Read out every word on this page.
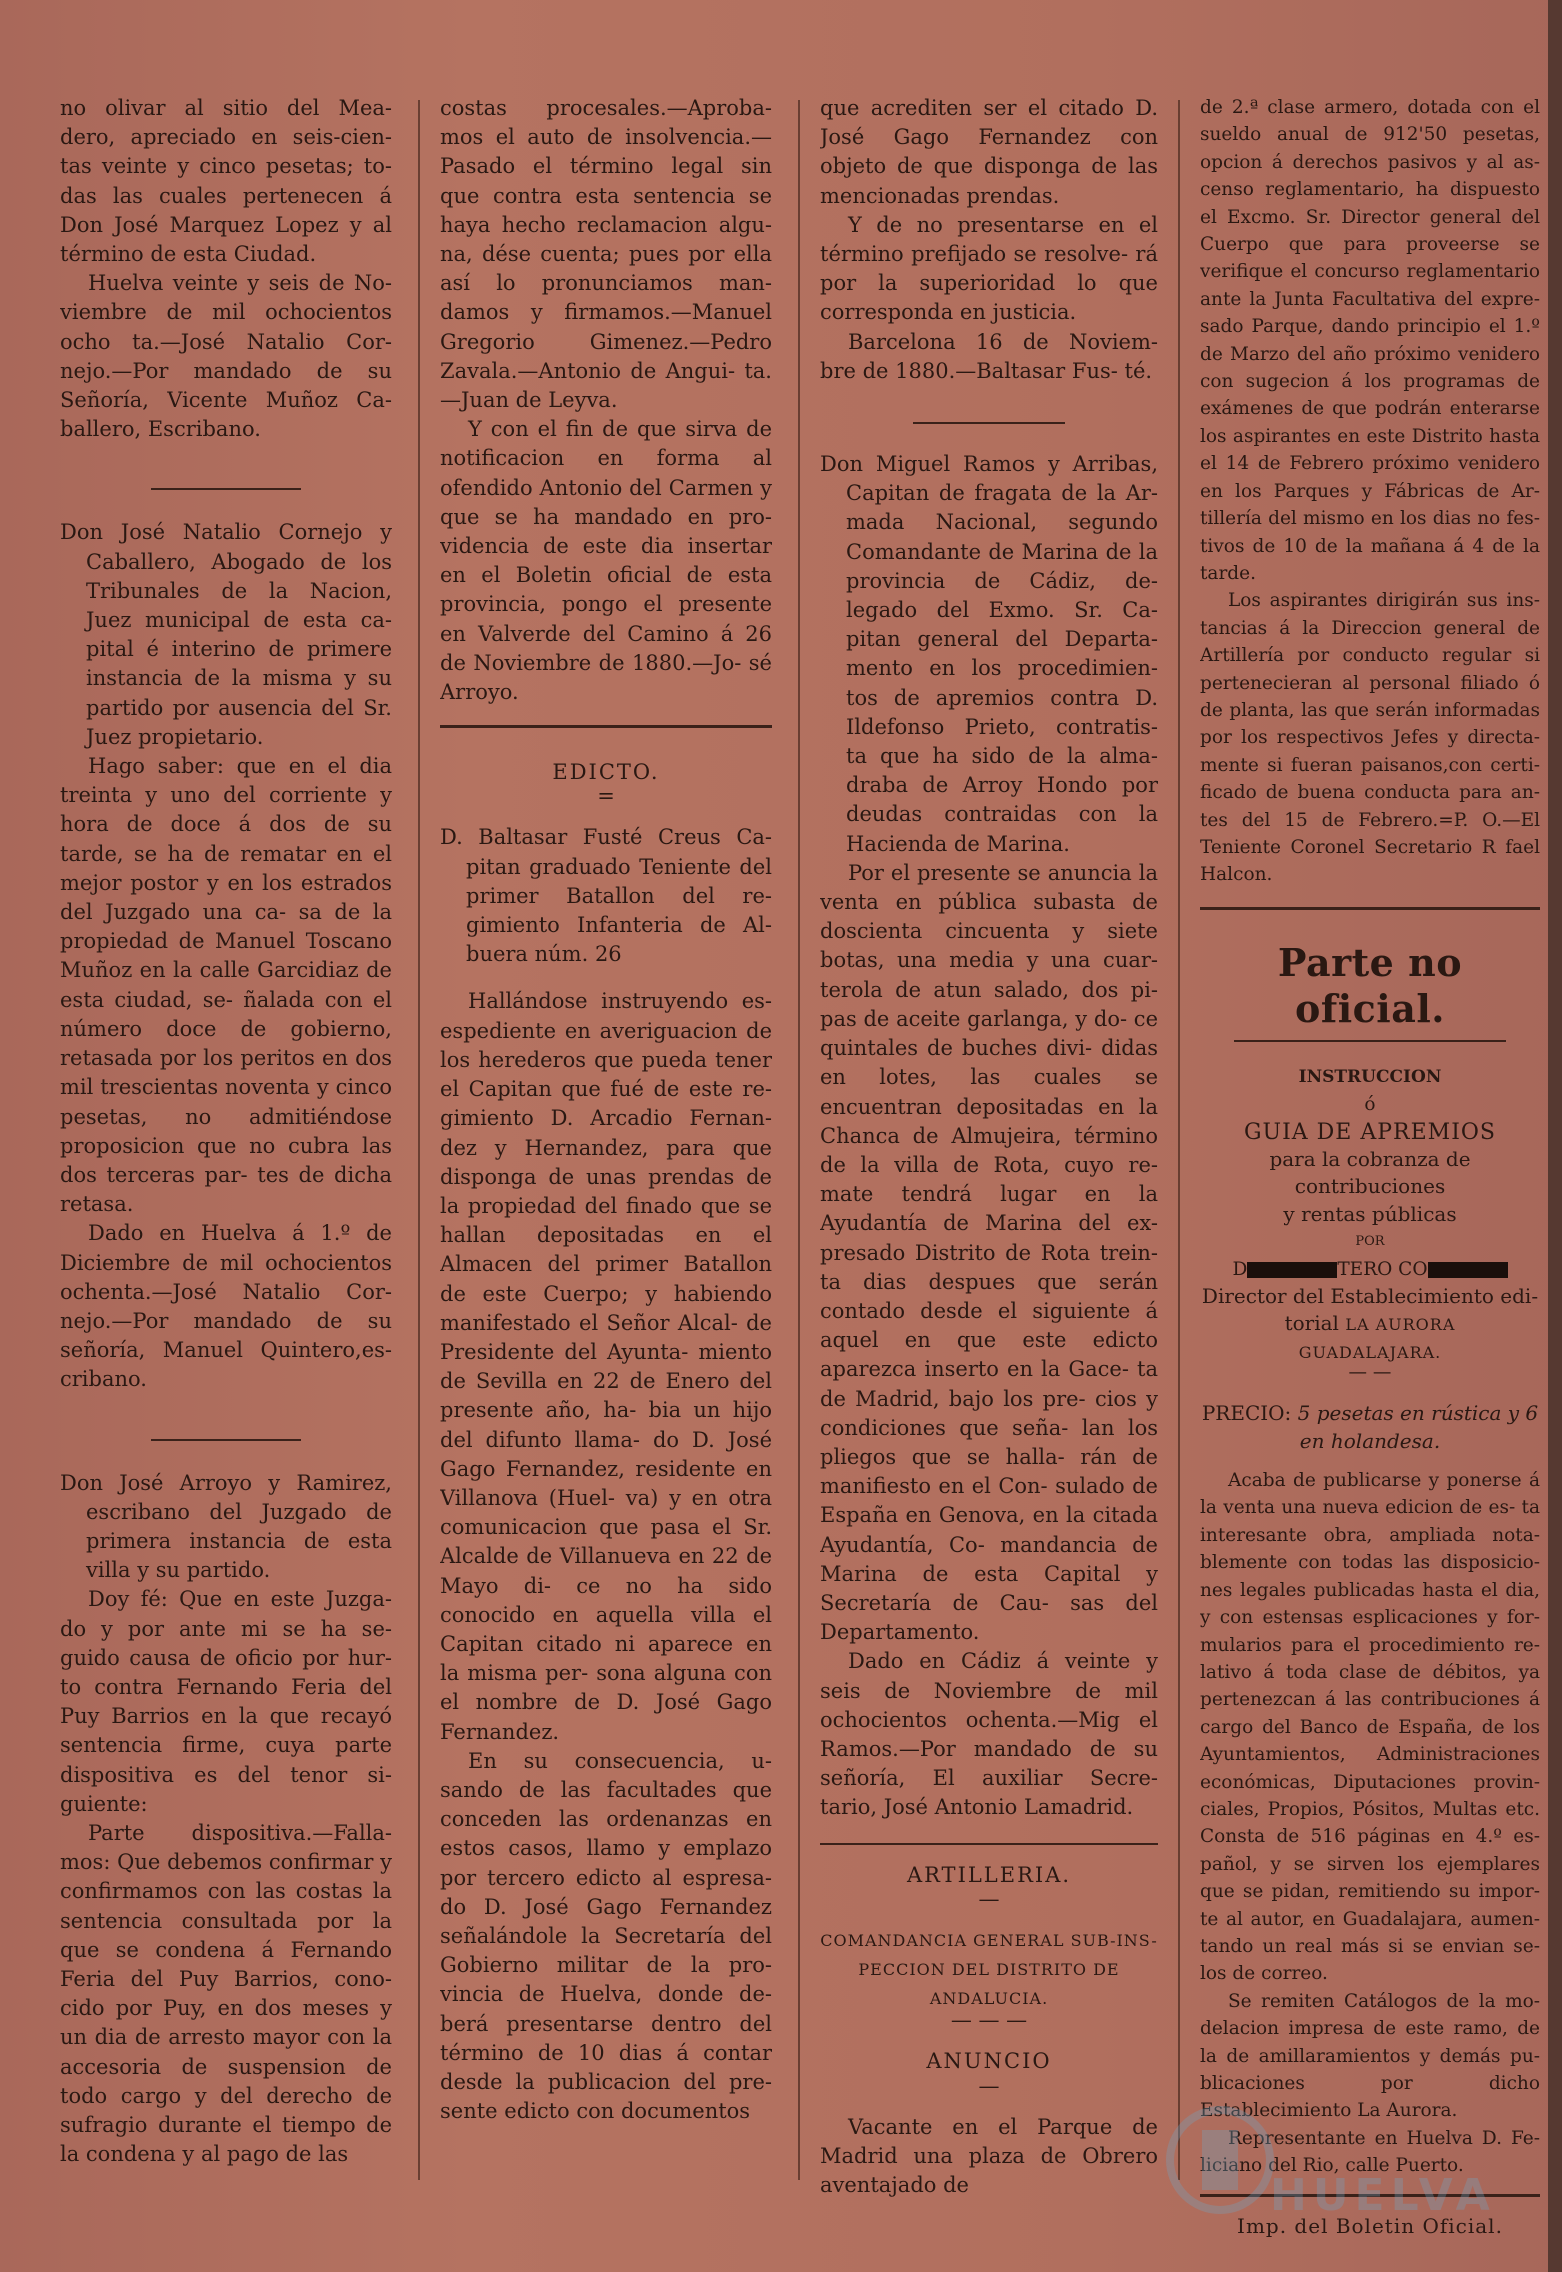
no olivar al sitio del Mea- dero, apreciado en seis-cien- tas veinte y cinco pesetas; to- das las cuales pertenecen á Don José Marquez Lopez y al término de esta Ciudad.

Huelva veinte y seis de No- viembre de mil ochocientos ocho ta.—José Natalio Cor- nejo.—Por mandado de su Señoría, Vicente Muñoz Ca- ballero, Escribano.

Don José Natalio Cornejo y Caballero, Abogado de los Tribunales de la Nacion, Juez municipal de esta ca- pital é interino de primere instancia de la misma y su partido por ausencia del Sr. Juez propietario.

Hago saber: que en el dia treinta y uno del corriente y hora de doce á dos de su tarde, se ha de rematar en el mejor postor y en los estrados del Juzgado una ca- sa de la propiedad de Manuel Toscano Muñoz en la calle Garcidiaz de esta ciudad, se- ñalada con el número doce de gobierno, retasada por los peritos en dos mil trescientas noventa y cinco pesetas, no admitiéndose proposicion que no cubra las dos terceras par- tes de dicha retasa.

Dado en Huelva á 1.º de Diciembre de mil ochocientos ochenta.—José Natalio Cor- nejo.—Por mandado de su señoría, Manuel Quintero,es- cribano.

Don José Arroyo y Ramirez, escribano del Juzgado de primera instancia de esta villa y su partido.

Doy fé: Que en este Juzga- do y por ante mi se ha se- guido causa de oficio por hur- to contra Fernando Feria del Puy Barrios en la que recayó sentencia firme, cuya parte dispositiva es del tenor si- guiente:

Parte dispositiva.—Falla- mos: Que debemos confirmar y confirmamos con las costas la sentencia consultada por la que se condena á Fernando Feria del Puy Barrios, cono- cido por Puy, en dos meses y un dia de arresto mayor con la accesoria de suspension de todo cargo y del derecho de sufragio durante el tiempo de la condena y al pago de las

costas procesales.—Aproba- mos el auto de insolvencia.— Pasado el término legal sin que contra esta sentencia se haya hecho reclamacion algu- na, dése cuenta; pues por ella así lo pronunciamos man- damos y firmamos.—Manuel Gregorio Gimenez.—Pedro Zavala.—Antonio de Angui- ta.—Juan de Leyva.

Y con el fin de que sirva de notificacion en forma al ofendido Antonio del Carmen y que se ha mandado en pro- videncia de este dia insertar en el Boletin oficial de esta provincia, pongo el presente en Valverde del Camino á 26 de Noviembre de 1880.—Jo- sé Arroyo.

EDICTO.
=

D. Baltasar Fusté Creus Ca- pitan graduado Teniente del primer Batallon del re- gimiento Infanteria de Al- buera núm. 26

Hallándose instruyendo es- espediente en averiguacion de los herederos que pueda tener el Capitan que fué de este re- gimiento D. Arcadio Fernan- dez y Hernandez, para que disponga de unas prendas de la propiedad del finado que se hallan depositadas en el Almacen del primer Batallon de este Cuerpo; y habiendo manifestado el Señor Alcal- de Presidente del Ayunta- miento de Sevilla en 22 de Enero del presente año, ha- bia un hijo del difunto llama- do D. José Gago Fernandez, residente en Villanova (Huel- va) y en otra comunicacion que pasa el Sr. Alcalde de Villanueva en 22 de Mayo di- ce no ha sido conocido en aquella villa el Capitan citado ni aparece en la misma per- sona alguna con el nombre de D. José Gago Fernandez.

En su consecuencia, u- sando de las facultades que conceden las ordenanzas en estos casos, llamo y emplazo por tercero edicto al espresa- do D. José Gago Fernandez señalándole la Secretaría del Gobierno militar de la pro- vincia de Huelva, donde de- berá presentarse dentro del término de 10 dias á contar desde la publicacion del pre- sente edicto con documentos

que acrediten ser el citado D. José Gago Fernandez con objeto de que disponga de las mencionadas prendas.

Y de no presentarse en el término prefijado se resolve- rá por la superioridad lo que corresponda en justicia.

Barcelona 16 de Noviem- bre de 1880.—Baltasar Fus- té.

Don Miguel Ramos y Arribas, Capitan de fragata de la Ar- mada Nacional, segundo Comandante de Marina de la provincia de Cádiz, de- legado del Exmo. Sr. Ca- pitan general del Departa- mento en los procedimien- tos de apremios contra D. Ildefonso Prieto, contratis- ta que ha sido de la alma- draba de Arroy Hondo por deudas contraidas con la Hacienda de Marina.

Por el presente se anuncia la venta en pública subasta de doscienta cincuenta y siete botas, una media y una cuar- terola de atun salado, dos pi- pas de aceite garlanga, y do- ce quintales de buches divi- didas en lotes, las cuales se encuentran depositadas en la Chanca de Almujeira, término de la villa de Rota, cuyo re- mate tendrá lugar en la Ayudantía de Marina del ex- presado Distrito de Rota trein- ta dias despues que serán contado desde el siguiente á aquel en que este edicto aparezca inserto en la Gace- ta de Madrid, bajo los pre- cios y condiciones que seña- lan los pliegos que se halla- rán de manifiesto en el Con- sulado de España en Genova, en la citada Ayudantía, Co- mandancia de Marina de esta Capital y Secretaría de Cau- sas del Departamento.

Dado en Cádiz á veinte y seis de Noviembre de mil ochocientos ochenta.—Mig el Ramos.—Por mandado de su señoría, El auxiliar Secre- tario, José Antonio Lamadrid.

ARTILLERIA.
—
COMANDANCIA GENERAL SUB-INS- PECCION DEL DISTRITO DE ANDALUCIA.
— — —
ANUNCIO
—

Vacante en el Parque de Madrid una plaza de Obrero aventajado de

de 2.ª clase armero, dotada con el sueldo anual de 912'50 pesetas, opcion á derechos pasivos y al as- censo reglamentario, ha dispuesto el Excmo. Sr. Director general del Cuerpo que para proveerse se verifique el concurso reglamentario ante la Junta Facultativa del expre- sado Parque, dando principio el 1.º de Marzo del año próximo venidero con sugecion á los programas de exámenes de que podrán enterarse los aspirantes en este Distrito hasta el 14 de Febrero próximo venidero en los Parques y Fábricas de Ar- tillería del mismo en los dias no fes- tivos de 10 de la mañana á 4 de la tarde.

Los aspirantes dirigirán sus ins- tancias á la Direccion general de Artillería por conducto regular si pertenecieran al personal filiado ó de planta, las que serán informadas por los respectivos Jefes y directa- mente si fueran paisanos,con certi- ficado de buena conducta para an- tes del 15 de Febrero.=P. O.—El Teniente Coronel Secretario R fael Halcon.

Parte no oficial.
INSTRUCCION
ó
GUIA DE APREMIOS
para la cobranza de contribuciones
y rentas públicas
POR
D	TERO CO
Director del Establecimiento edi- torial LA AURORA
GUADALAJARA.
— —
PRECIO: 5 pesetas en rústica y 6 en holandesa.

Acaba de publicarse y ponerse á la venta una nueva edicion de es- ta interesante obra, ampliada nota- blemente con todas las disposicio- nes legales publicadas hasta el dia, y con estensas esplicaciones y for- mularios para el procedimiento re- lativo á toda clase de débitos, ya pertenezcan á las contribuciones á cargo del Banco de España, de los Ayuntamientos, Administraciones económicas, Diputaciones provin- ciales, Propios, Pósitos, Multas etc. Consta de 516 páginas en 4.º es- pañol, y se sirven los ejemplares que se pidan, remitiendo su impor- te al autor, en Guadalajara, aumen- tando un real más si se envian se- los de correo.

Se remiten Catálogos de la mo- delacion impresa de este ramo, de la de amillaramientos y demás pu- blicaciones por dicho Establecimiento La Aurora.

Representante en Huelva D. Fe- liciano del Rio, calle Puerto.

Imp. del Boletin Oficial.
HUELVA
